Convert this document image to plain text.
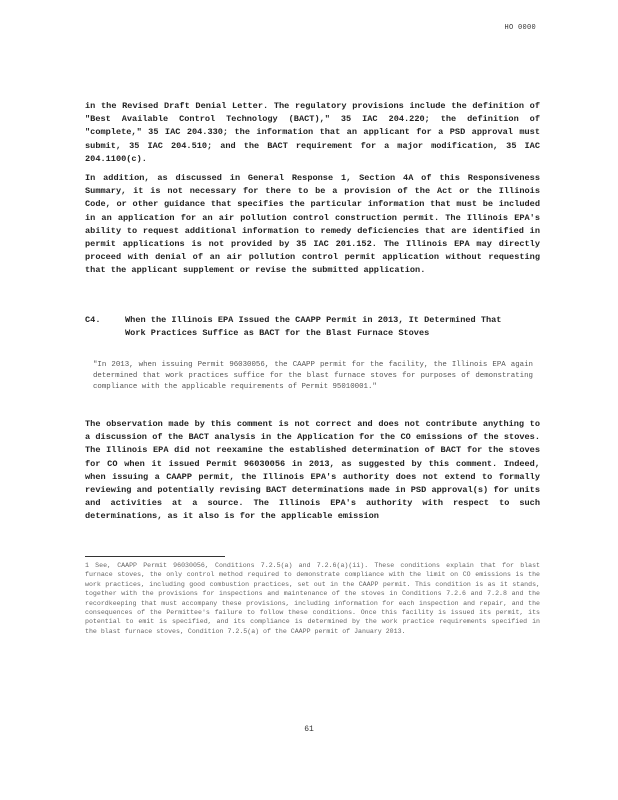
HO 0000

in the Revised Draft Denial Letter. The regulatory provisions include the definition of "Best Available Control Technology (BACT)," 35 IAC 204.220; the definition of "complete," 35 IAC 204.330; the information that an applicant for a PSD approval must submit, 35 IAC 204.510; and the BACT requirement for a major modification, 35 IAC 204.1100(c).

In addition, as discussed in General Response 1, Section 4A of this Responsiveness Summary, it is not necessary for there to be a provision of the Act or the Illinois Code, or other guidance that specifies the particular information that must be included in an application for an air pollution control construction permit. The Illinois EPA's ability to request additional information to remedy deficiencies that are identified in permit applications is not provided by 35 IAC 201.152. The Illinois EPA may directly proceed with denial of an air pollution control permit application without requesting that the applicant supplement or revise the submitted application.

C4.	When the Illinois EPA Issued the CAAPP Permit in 2013, It Determined That Work Practices Suffice as BACT for the Blast Furnace Stoves

"In 2013, when issuing Permit 96030056, the CAAPP permit for the facility, the Illinois EPA again determined that work practices suffice for the blast furnace stoves for purposes of demonstrating compliance with the applicable requirements of Permit 95010001."

The observation made by this comment is not correct and does not contribute anything to a discussion of the BACT analysis in the Application for the CO emissions of the stoves. The Illinois EPA did not reexamine the established determination of BACT for the stoves for CO when it issued Permit 96030056 in 2013, as suggested by this comment. Indeed, when issuing a CAAPP permit, the Illinois EPA's authority does not extend to formally reviewing and potentially revising BACT determinations made in PSD approval(s) for units and activities at a source. The Illinois EPA's authority with respect to such determinations, as it also is for the applicable emission

1 See, CAAPP Permit 96030056, Conditions 7.2.5(a) and 7.2.6(a)(ii). These conditions explain that for blast furnace stoves, the only control method required to demonstrate compliance with the limit on CO emissions is the work practices, including good combustion practices, set out in the CAAPP permit. This condition is as it stands, together with the provisions for inspections and maintenance of the stoves in Conditions 7.2.6 and 7.2.8 and the recordkeeping that must accompany these provisions, including information for each inspection and repair, and the consequences of the Permittee's failure to follow these conditions. Once this facility is issued its permit, its potential to emit is specified, and its compliance is determined by the work practice requirements specified in the blast furnace stoves, Condition 7.2.5(a) of the CAAPP permit of January 2013.

61
